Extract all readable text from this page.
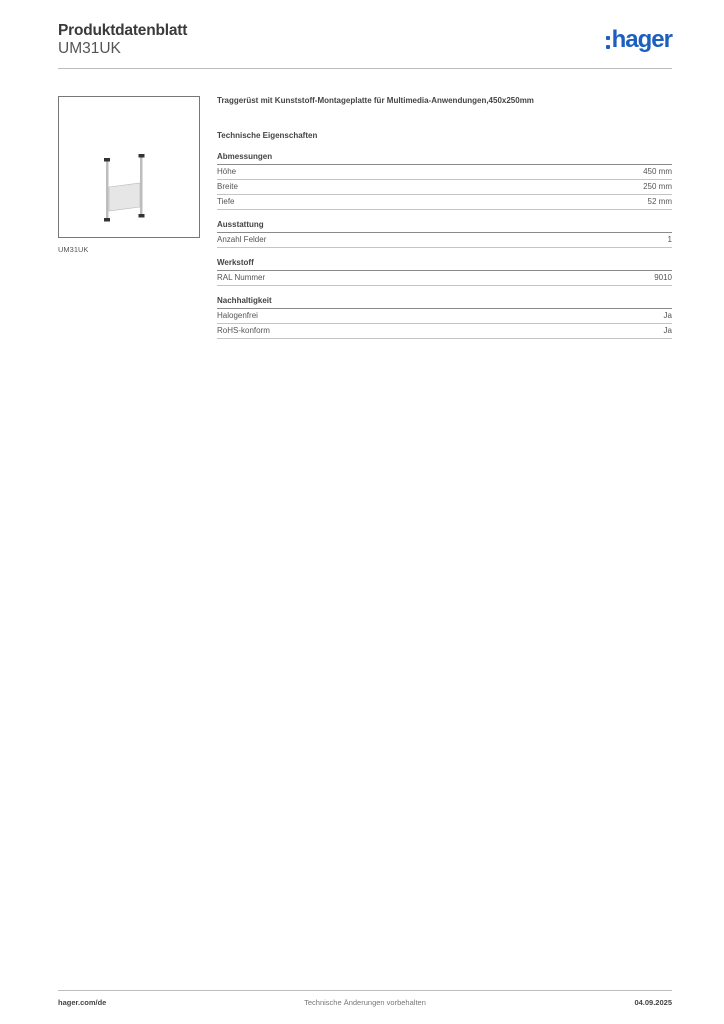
Produktdatenblatt
UM31UK	hager
UM31UK
Traggerüst mit Kunststoff-Montageplatte für Multimedia-Anwendungen,450x250mm
Technische Eigenschaften
Abmessungen
Höhe	450 mm
Breite	250 mm
Tiefe	52 mm
Ausstattung
Anzahl Felder	1
Werkstoff
RAL Nummer	9010
Nachhaltigkeit
Halogenfrei	Ja
RoHS-konform	Ja
hager.com/de	Technische Änderungen vorbehalten	04.09.2025
